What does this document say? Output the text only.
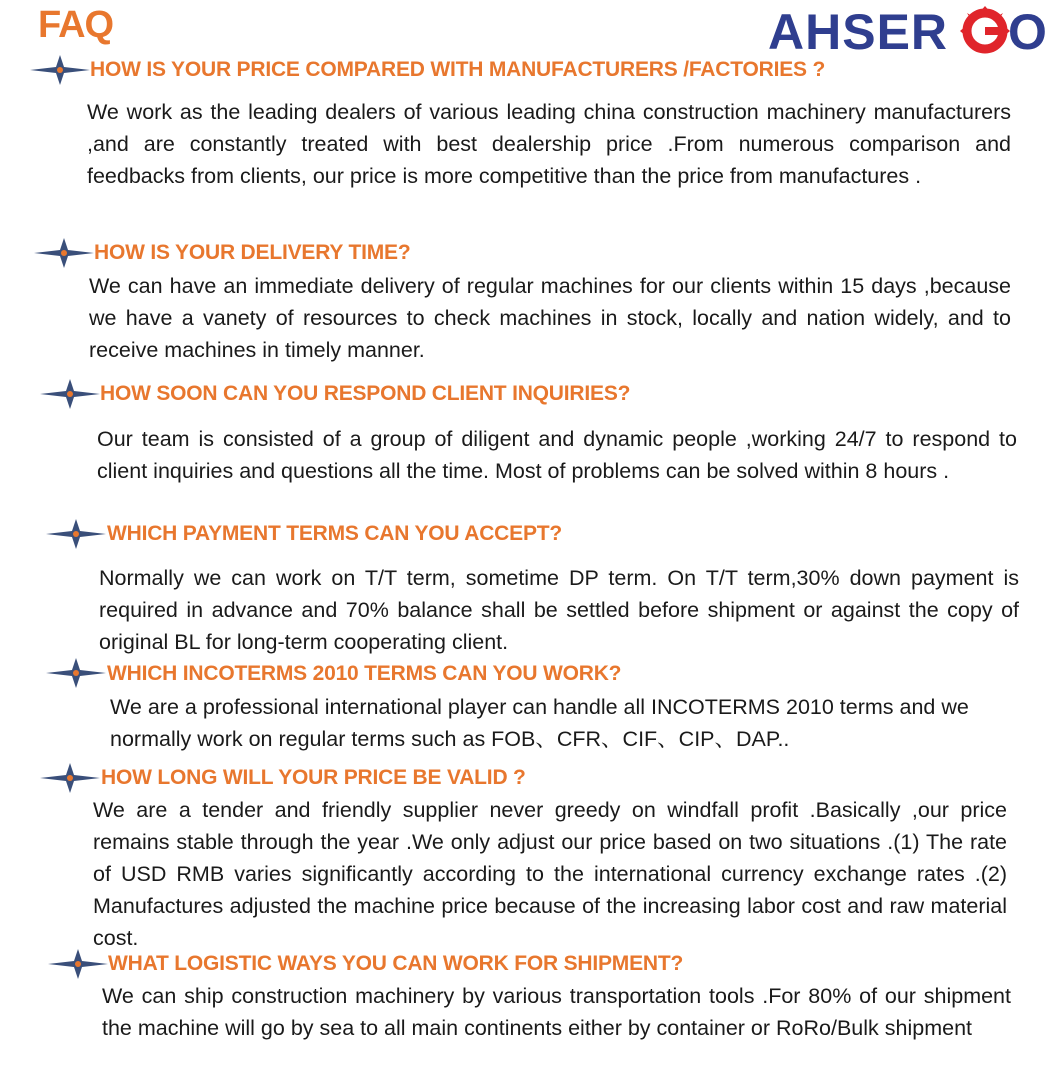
FAQ	AHSER O
HOW IS YOUR PRICE COMPARED WITH MANUFACTURERS /FACTORIES ?
We work as the leading dealers of various leading china construction machinery manufacturers ,and are constantly treated with best dealership price .From numerous comparison and feedbacks from clients, our price is more competitive than the price from manufactures .
HOW IS YOUR DELIVERY TIME?
We can have an immediate delivery of regular machines for our clients within 15 days ,because we have a vanety of resources to check machines in stock, locally and nation widely, and to receive machines in timely manner.
HOW SOON CAN YOU RESPOND CLIENT INQUIRIES?
Our team is consisted of a group of diligent and dynamic people ,working 24/7 to respond to client inquiries and questions all the time. Most of problems can be solved within 8 hours .
WHICH PAYMENT TERMS CAN YOU ACCEPT?
Normally we can work on T/T term, sometime DP term. On T/T term,30% down payment is required in advance and 70% balance shall be settled before shipment or against the copy of original BL for long-term cooperating client.
WHICH INCOTERMS 2010 TERMS CAN YOU WORK?
We are a professional international player can handle all INCOTERMS 2010 terms and we normally work on regular terms such as FOB、CFR、CIF、CIP、DAP..
HOW LONG WILL YOUR PRICE BE VALID ?
We are a tender and friendly supplier never greedy on windfall profit .Basically ,our price remains stable through the year .We only adjust our price based on two situations .(1) The rate of USD RMB varies significantly according to the international currency exchange rates .(2) Manufactures adjusted the machine price because of the increasing labor cost and raw material cost.
WHAT LOGISTIC WAYS YOU CAN WORK FOR SHIPMENT?
We can ship construction machinery by various transportation tools .For 80% of our shipment the machine will go by sea to all main continents either by container or RoRo/Bulk shipment
